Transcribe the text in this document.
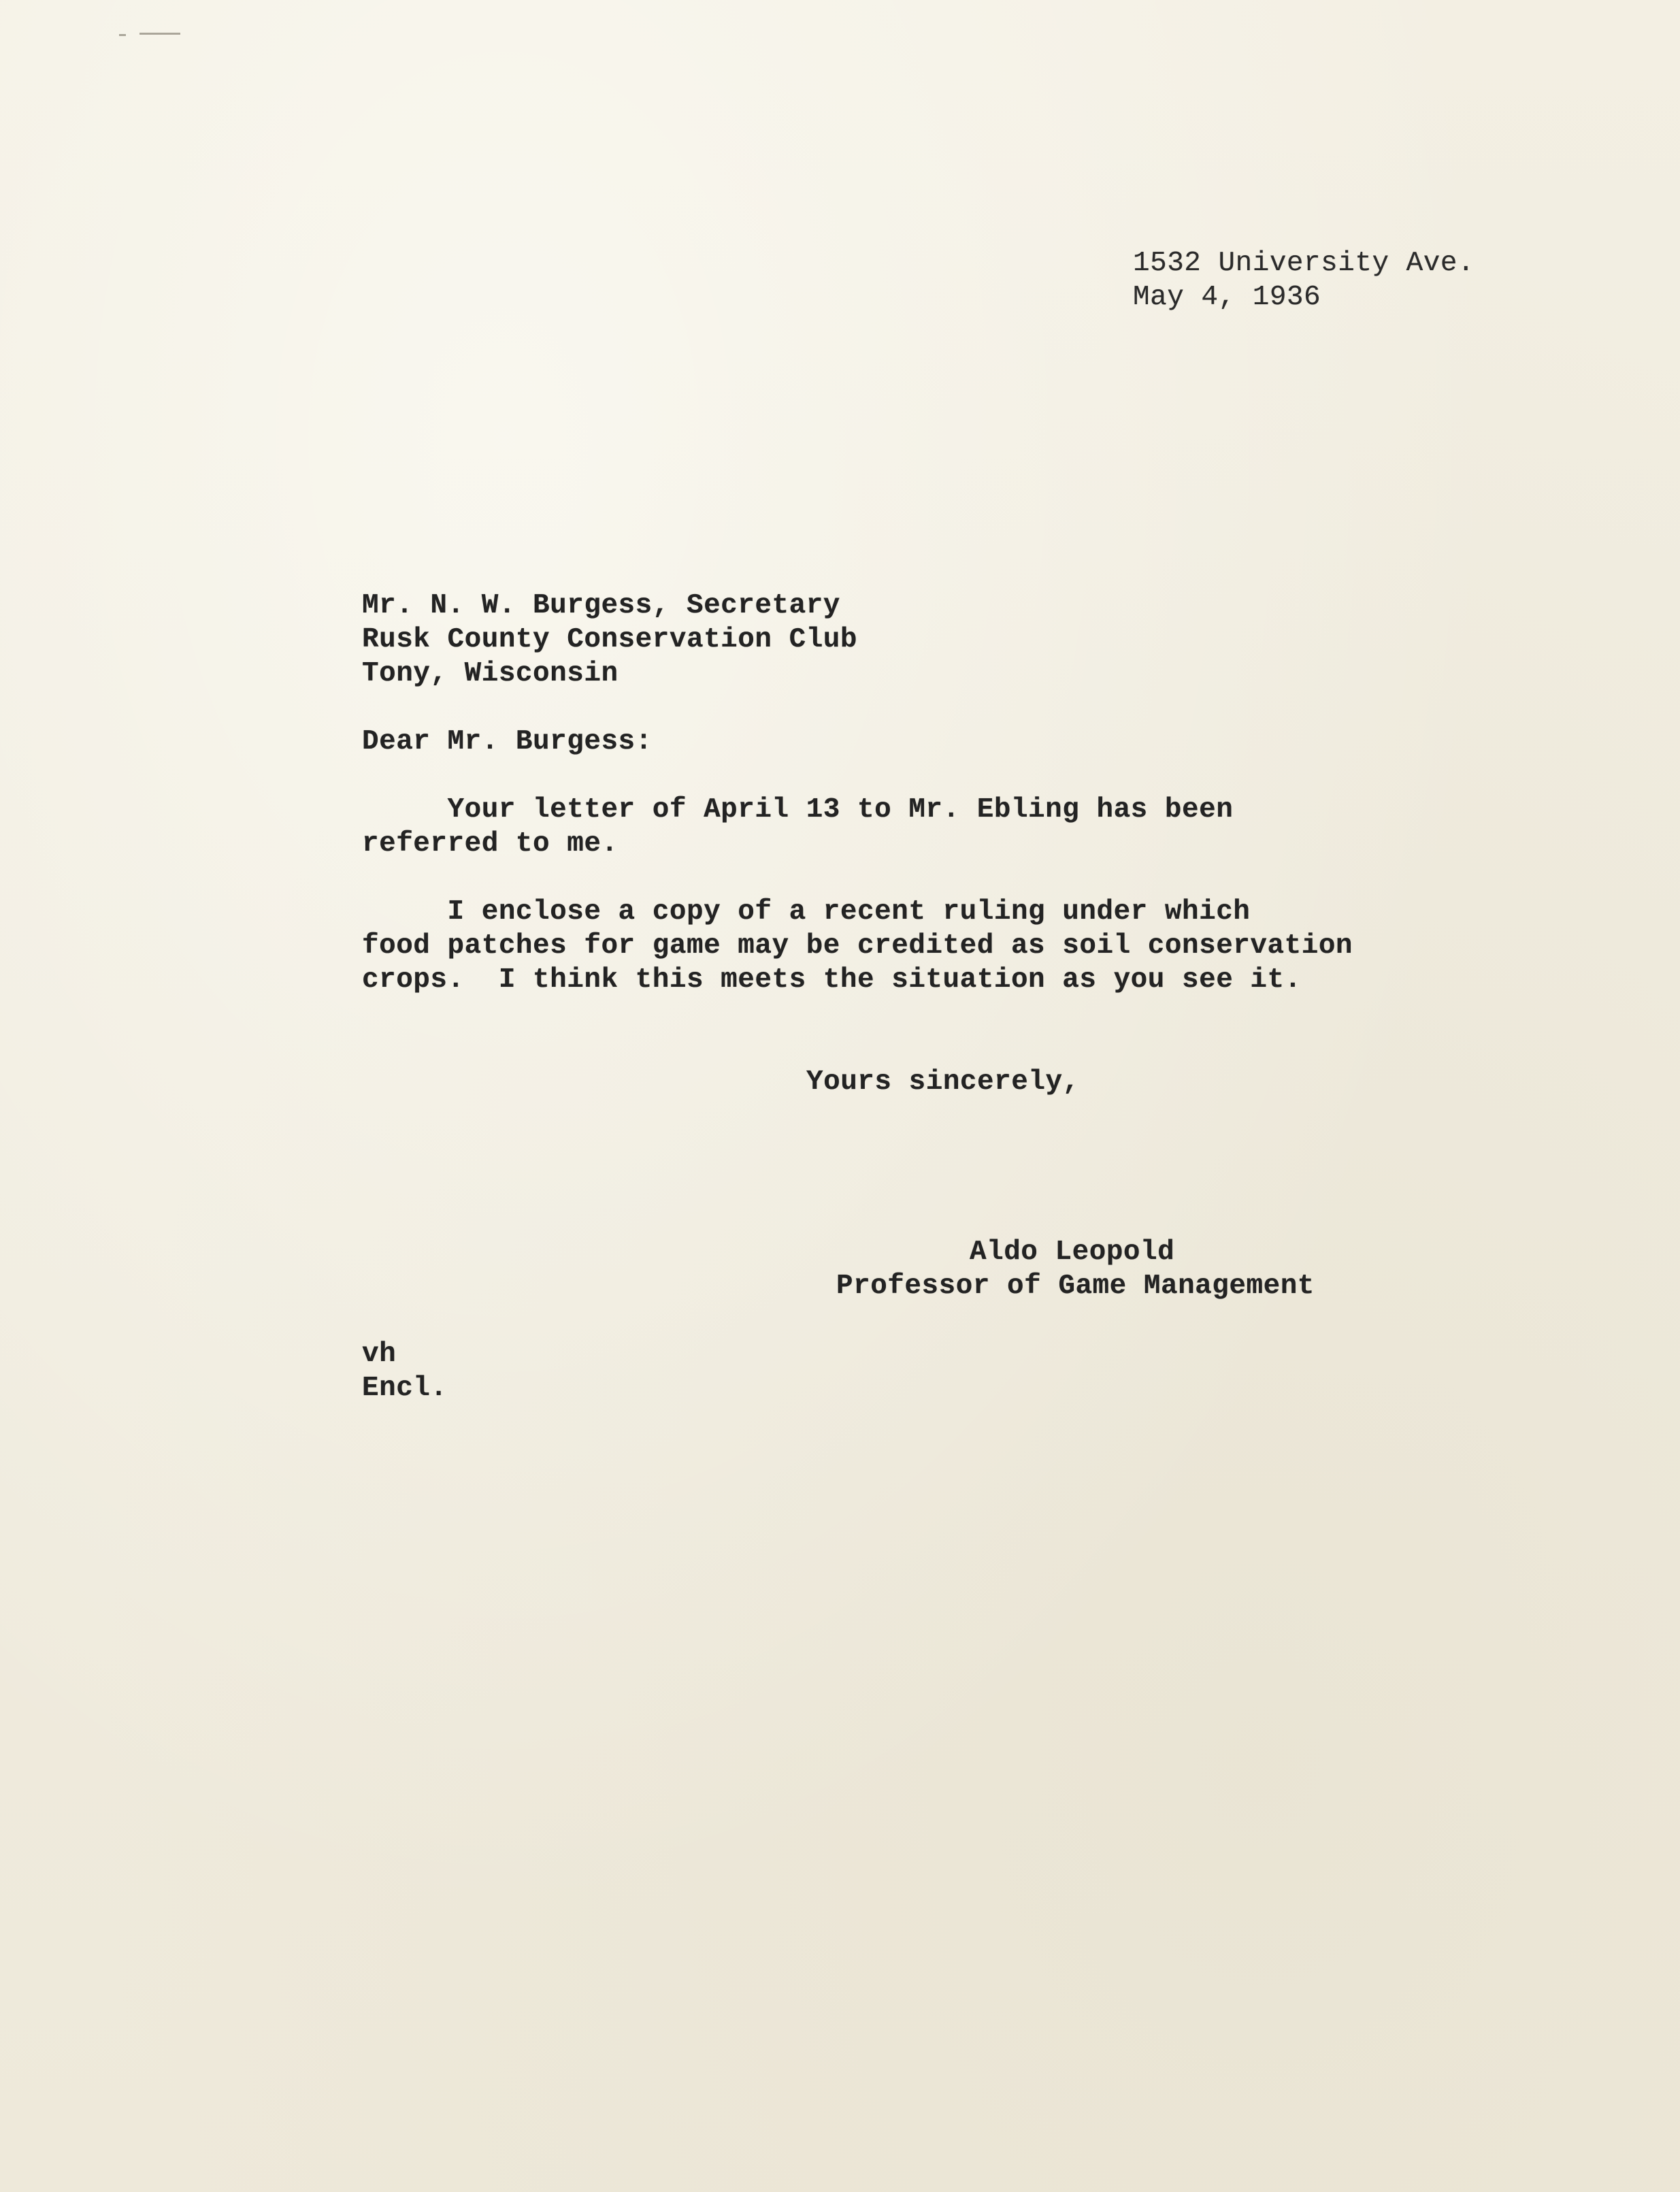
1532 University Ave.
May 4, 1936
Mr. N. W. Burgess, Secretary
Rusk County Conservation Club
Tony, Wisconsin
Dear Mr. Burgess:
Your letter of April 13 to Mr. Ebling has been
referred to me.
I enclose a copy of a recent ruling under which
food patches for game may be credited as soil conservation
crops.  I think this meets the situation as you see it.
Yours sincerely,
Aldo Leopold
Professor of Game Management
vh
Encl.
